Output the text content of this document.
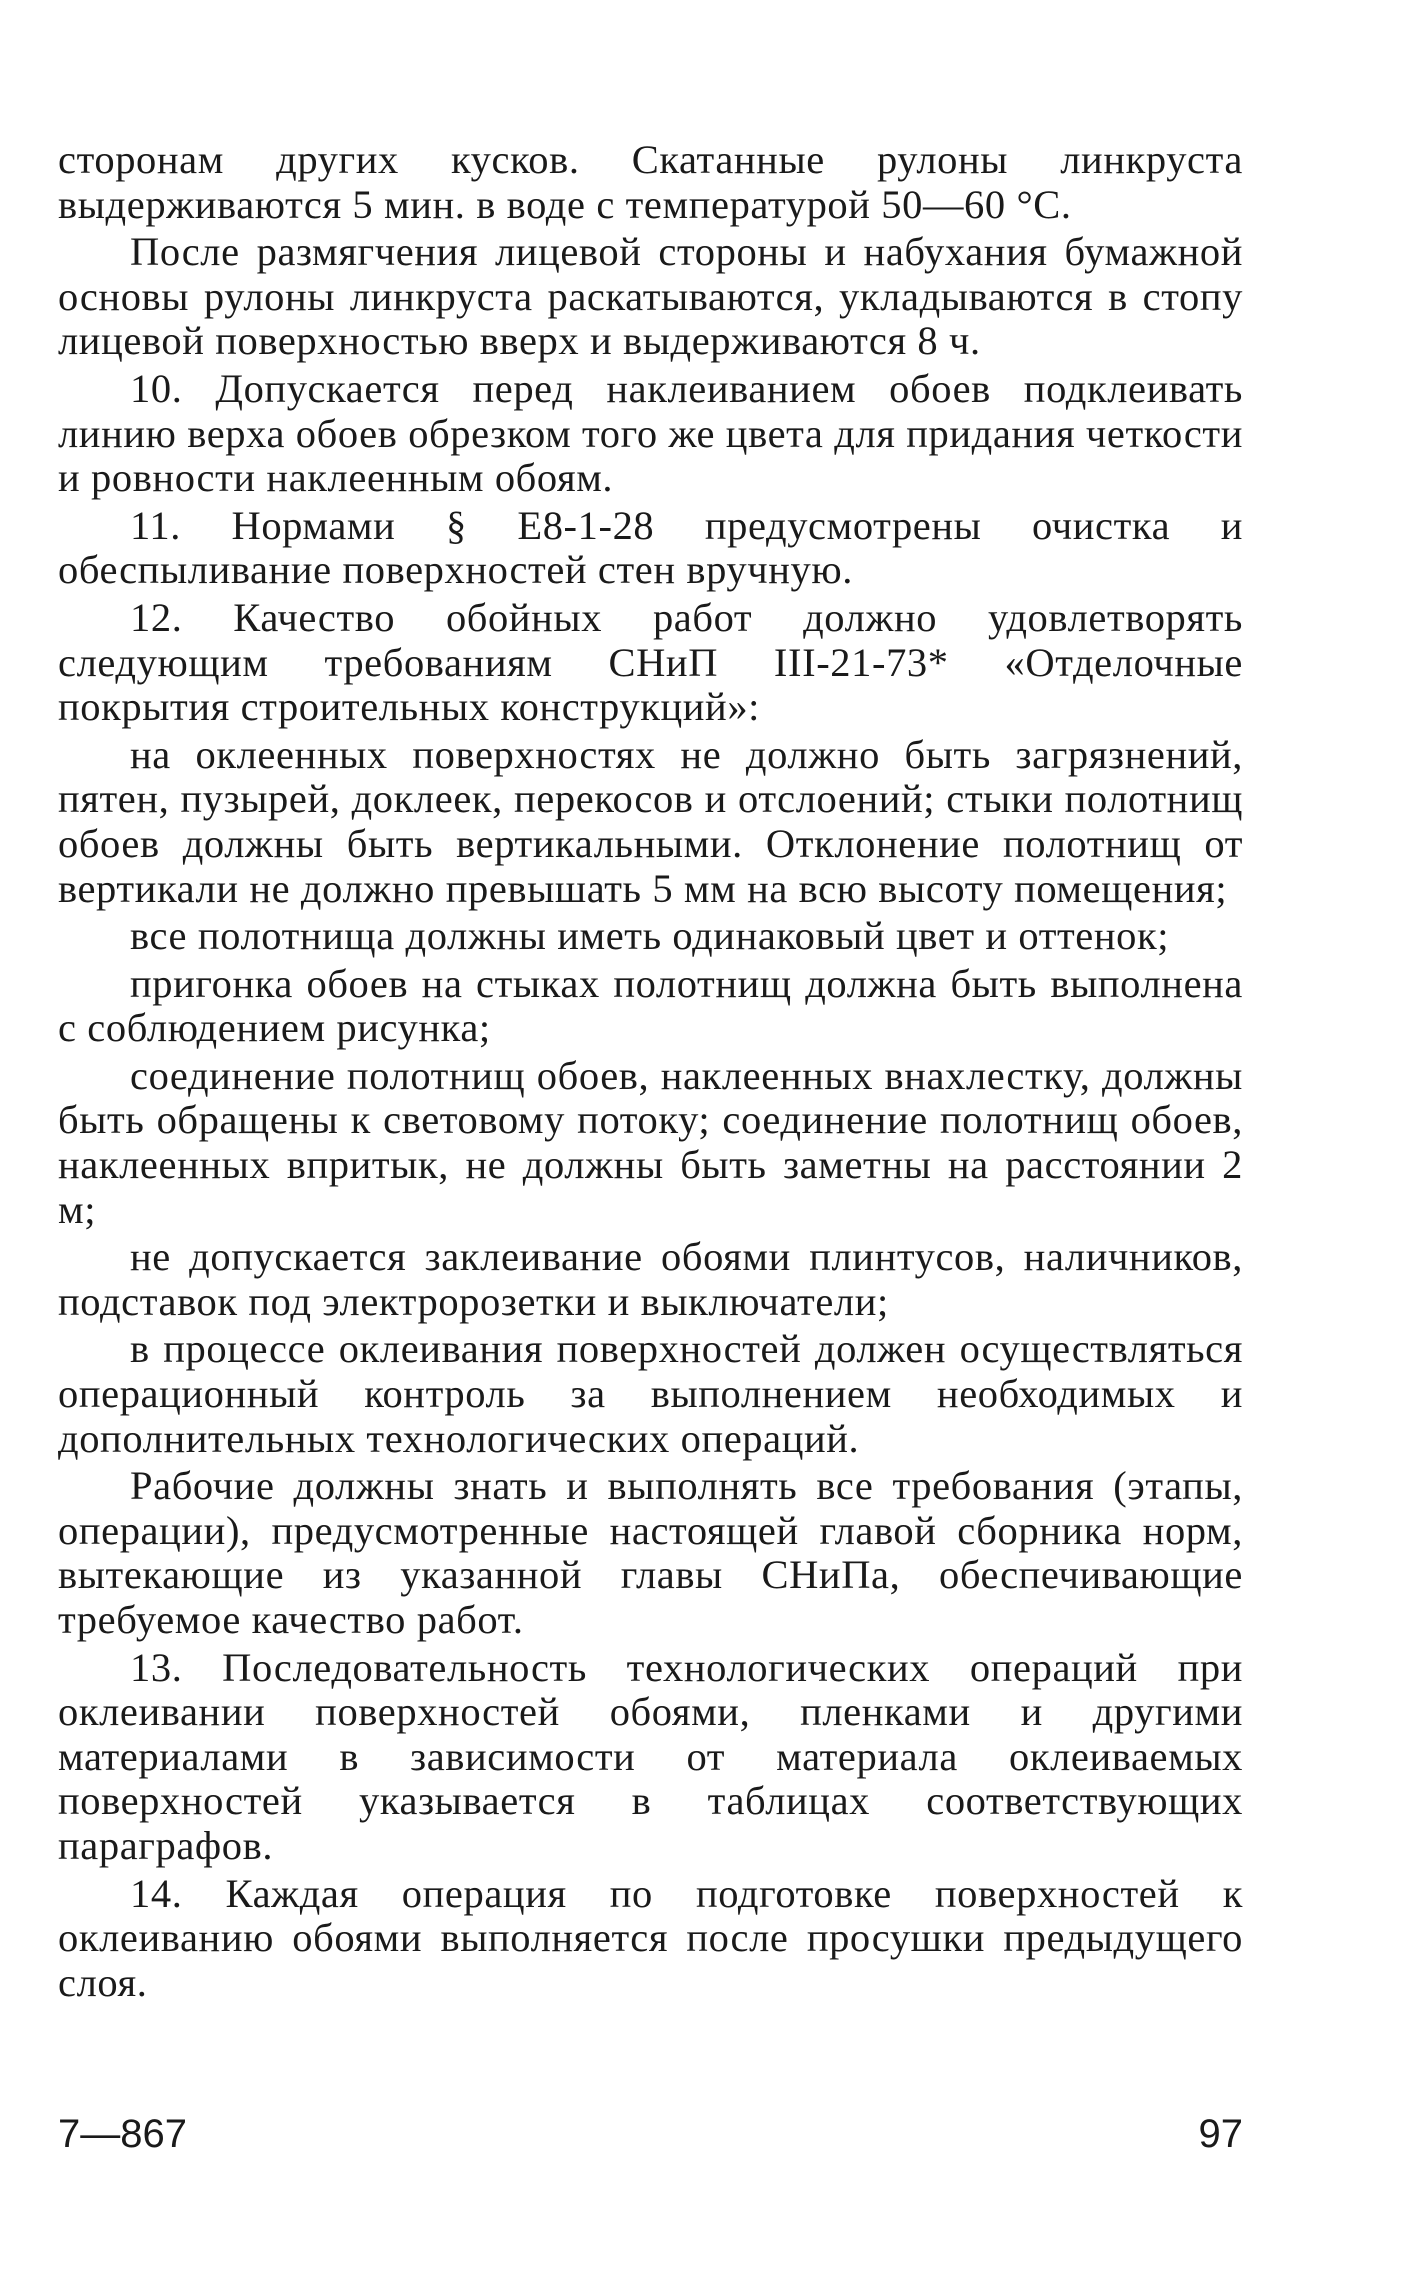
сторонам других кусков. Скатанные рулоны линкруста выдерживаются 5 мин. в воде с температурой 50—60 °С.

После размягчения лицевой стороны и набухания бумажной основы рулоны линкруста раскатываются, укладываются в стопу лицевой поверхностью вверх и выдерживаются 8 ч.

10. Допускается перед наклеиванием обоев подклеивать линию верха обоев обрезком того же цвета для придания четкости и ровности наклеенным обоям.

11. Нормами § Е8-1-28 предусмотрены очистка и обеспыливание поверхностей стен вручную.

12. Качество обойных работ должно удовлетворять следующим требованиям СНиП III-21-73* «Отделочные покрытия строительных конструкций»:

на оклеенных поверхностях не должно быть загрязнений, пятен, пузырей, доклеек, перекосов и отслоений; стыки полотнищ обоев должны быть вертикальными. Отклонение полотнищ от вертикали не должно превышать 5 мм на всю высоту помещения;

все полотнища должны иметь одинаковый цвет и оттенок;

пригонка обоев на стыках полотнищ должна быть выполнена с соблюдением рисунка;

соединение полотнищ обоев, наклеенных внахлестку, должны быть обращены к световому потоку; соединение полотнищ обоев, наклеенных впритык, не должны быть заметны на расстоянии 2 м;

не допускается заклеивание обоями плинтусов, наличников, подставок под электророзетки и выключатели;

в процессе оклеивания поверхностей должен осуществляться операционный контроль за выполнением необходимых и дополнительных технологических операций.

Рабочие должны знать и выполнять все требования (этапы, операции), предусмотренные настоящей главой сборника норм, вытекающие из указанной главы СНиПа, обеспечивающие требуемое качество работ.

13. Последовательность технологических операций при оклеивании поверхностей обоями, пленками и другими материалами в зависимости от материала оклеиваемых поверхностей указывается в таблицах соответствующих параграфов.

14. Каждая операция по подготовке поверхностей к оклеиванию обоями выполняется после просушки предыдущего слоя.

7—867	97
